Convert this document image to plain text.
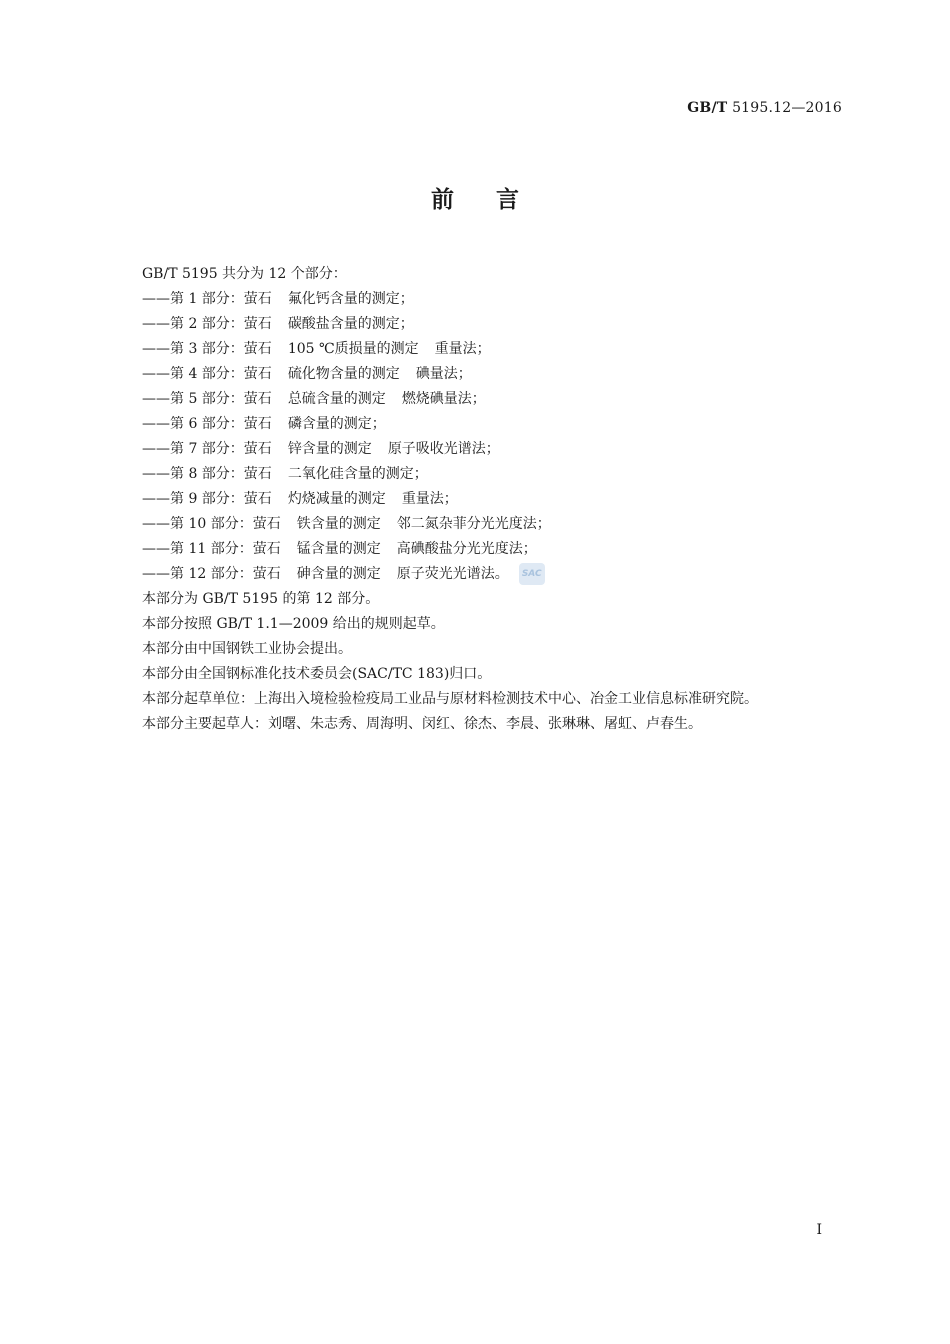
GB/T 5195.12—2016
前言

GB/T 5195 共分为 12 个部分：

——第 1 部分：萤石 氟化钙含量的测定；

——第 2 部分：萤石 碳酸盐含量的测定；

——第 3 部分：萤石 105 ℃质损量的测定 重量法；

——第 4 部分：萤石 硫化物含量的测定 碘量法；

——第 5 部分：萤石 总硫含量的测定 燃烧碘量法；

——第 6 部分：萤石 磷含量的测定；

——第 7 部分：萤石 锌含量的测定 原子吸收光谱法；

——第 8 部分：萤石 二氧化硅含量的测定；

——第 9 部分：萤石 灼烧减量的测定 重量法；

——第 10 部分：萤石 铁含量的测定 邻二氮杂菲分光光度法；

——第 11 部分：萤石 锰含量的测定 高碘酸盐分光光度法；

——第 12 部分：萤石 砷含量的测定 原子荧光光谱法。 SAC

本部分为 GB/T 5195 的第 12 部分。

本部分按照 GB/T 1.1—2009 给出的规则起草。

本部分由中国钢铁工业协会提出。

本部分由全国钢标准化技术委员会(SAC/TC 183)归口。

本部分起草单位：上海出入境检验检疫局工业品与原材料检测技术中心、冶金工业信息标准研究院。

本部分主要起草人：刘曙、朱志秀、周海明、闵红、徐杰、李晨、张琳琳、屠虹、卢春生。

I
